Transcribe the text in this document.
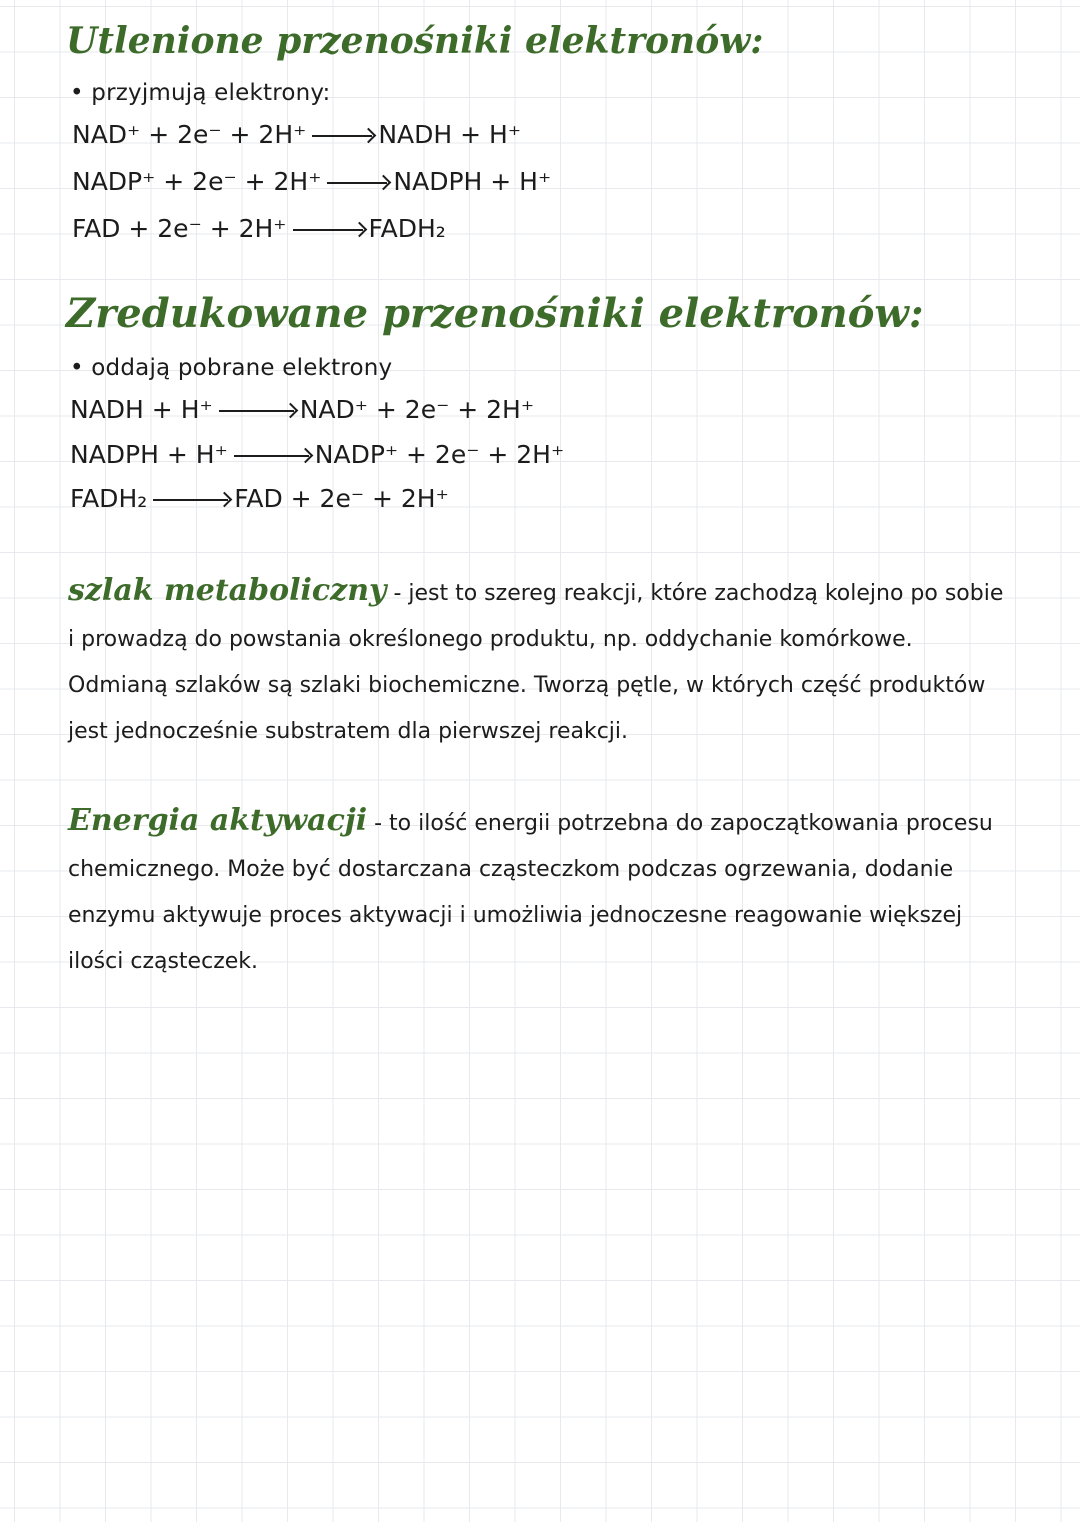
Utlenione przenośniki elektronów:
• przyjmują elektrony:
NAD⁺ + 2e⁻ + 2H⁺	NADH + H⁺
NADP⁺ + 2e⁻ + 2H⁺	NADPH + H⁺
FAD + 2e⁻ + 2H⁺	FADH₂
Zredukowane przenośniki elektronów:
• oddają pobrane elektrony
NADH + H⁺	NAD⁺ + 2e⁻ + 2H⁺
NADPH + H⁺	NADP⁺ + 2e⁻ + 2H⁺
FADH₂	FAD + 2e⁻ + 2H⁺
szlak metaboliczny - jest to szereg reakcji, które zachodzą kolejno po sobie
i prowadzą do powstania określonego produktu, np. oddychanie komórkowe.
Odmianą szlaków są szlaki biochemiczne. Tworzą pętle, w których część produktów
jest jednocześnie substratem dla pierwszej reakcji.
Energia aktywacji - to ilość energii potrzebna do zapoczątkowania procesu
chemicznego. Może być dostarczana cząsteczkom podczas ogrzewania, dodanie
enzymu aktywuje proces aktywacji i umożliwia jednoczesne reagowanie większej
ilości cząsteczek.
